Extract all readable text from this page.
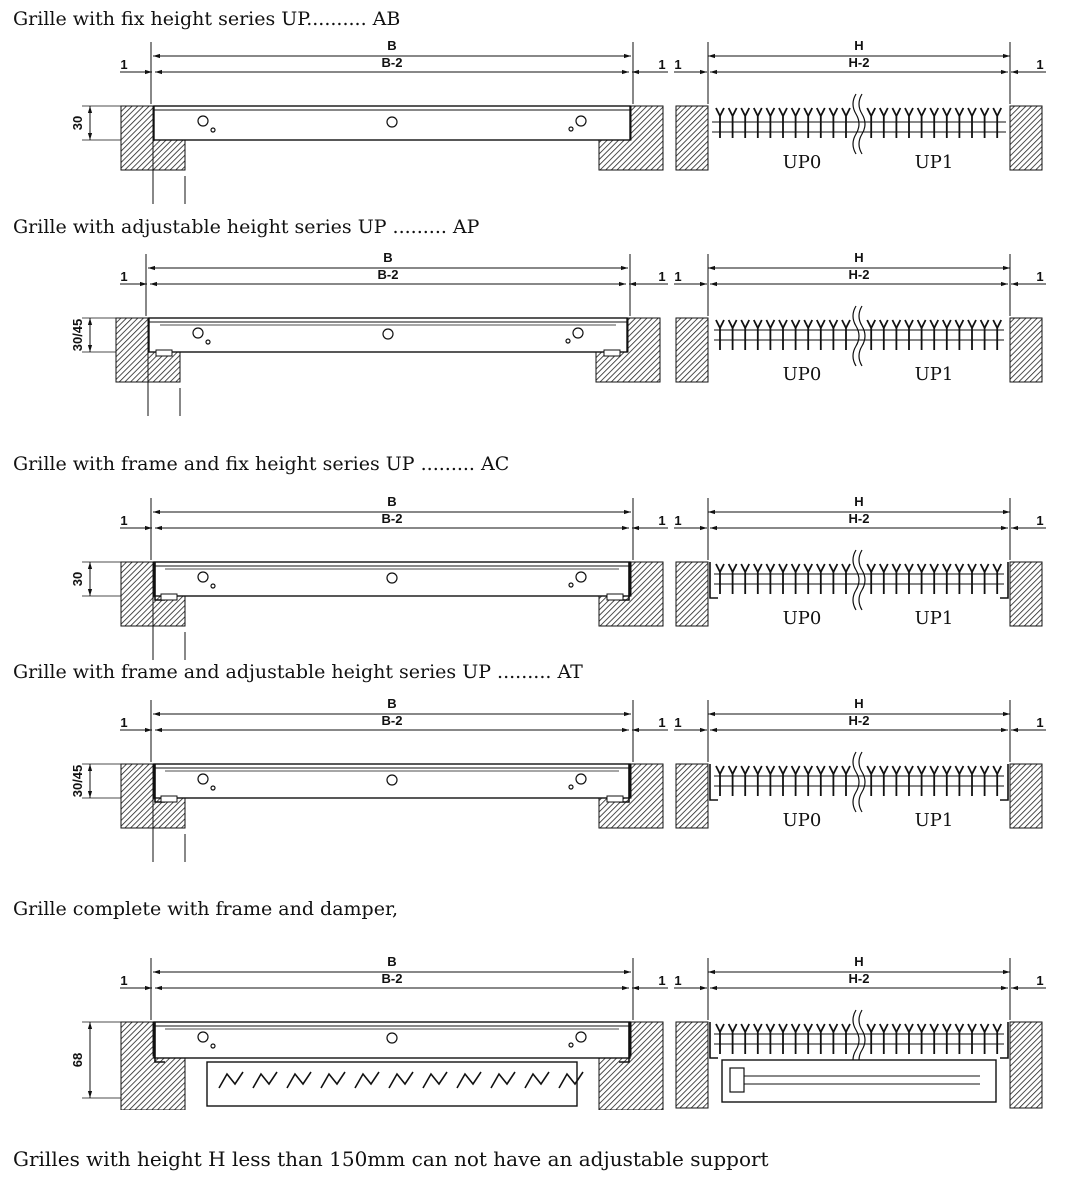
Grille with fix height series UP.......... AB
Grille with adjustable height series UP ......... AP
Grille with frame and fix height series UP ......... AC
Grille with frame and adjustable height series UP ......... AT
Grille complete with frame and damper,
Grilles with height H less than 150mm can not have an adjustable support
B
B-2
1	1
30
H
H-2
1	1
UP0	UP1
B
B-2
1	1
30/45
H
H-2
1	1
UP0	UP1
B
B-2
1	1
30
H
H-2
1	1
UP0	UP1
B
B-2
1	1
30/45
H
H-2
1	1
UP0	UP1
B
B-2
1	1
68
H
H-2
1	1
